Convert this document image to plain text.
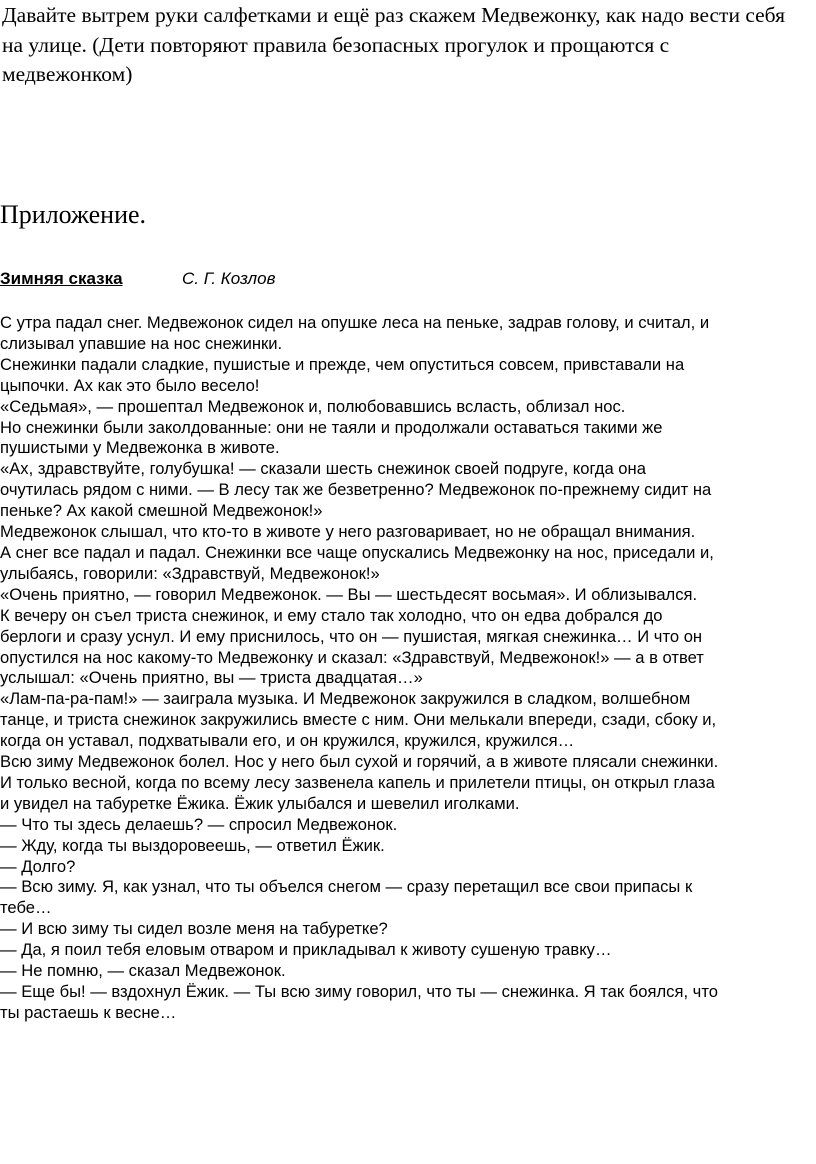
Давайте вытрем руки салфетками и ещё раз скажем Медвежонку, как надо вести себя
на улице. (Дети повторяют правила безопасных прогулок и прощаются с
медвежонком)

Приложение.
Зимняя сказка	С. Г. Козлов

С утра падал снег. Медвежонок сидел на опушке леса на пеньке, задрав голову, и считал, и

слизывал упавшие на нос снежинки.

Снежинки падали сладкие, пушистые и прежде, чем опуститься совсем, привставали на

цыпочки. Ах как это было весело!

«Седьмая», — прошептал Медвежонок и, полюбовавшись всласть, облизал нос.

Но снежинки были заколдованные: они не таяли и продолжали оставаться такими же

пушистыми у Медвежонка в животе.

«Ах, здравствуйте, голубушка! — сказали шесть снежинок своей подруге, когда она

очутилась рядом с ними. — В лесу так же безветренно? Медвежонок по-прежнему сидит на

пеньке? Ах какой смешной Медвежонок!»

Медвежонок слышал, что кто-то в животе у него разговаривает, но не обращал внимания.

А снег все падал и падал. Снежинки все чаще опускались Медвежонку на нос, приседали и,

улыбаясь, говорили: «Здравствуй, Медвежонок!»

«Очень приятно, — говорил Медвежонок. — Вы — шестьдесят восьмая». И облизывался.

К вечеру он съел триста снежинок, и ему стало так холодно, что он едва добрался до

берлоги и сразу уснул. И ему приснилось, что он — пушистая, мягкая снежинка… И что он

опустился на нос какому-то Медвежонку и сказал: «Здравствуй, Медвежонок!» — а в ответ

услышал: «Очень приятно, вы — триста двадцатая…»

«Лам-па-ра-пам!» — заиграла музыка. И Медвежонок закружился в сладком, волшебном

танце, и триста снежинок закружились вместе с ним. Они мелькали впереди, сзади, сбоку и,

когда он уставал, подхватывали его, и он кружился, кружился, кружился…

Всю зиму Медвежонок болел. Нос у него был сухой и горячий, а в животе плясали снежинки.

И только весной, когда по всему лесу зазвенела капель и прилетели птицы, он открыл глаза

и увидел на табуретке Ёжика. Ёжик улыбался и шевелил иголками.

— Что ты здесь делаешь? — спросил Медвежонок.

— Жду, когда ты выздоровеешь, — ответил Ёжик.

— Долго?

— Всю зиму. Я, как узнал, что ты объелся снегом — сразу перетащил все свои припасы к

тебе…

— И всю зиму ты сидел возле меня на табуретке?

— Да, я поил тебя еловым отваром и прикладывал к животу сушеную травку…

— Не помню, — сказал Медвежонок.

— Еще бы! — вздохнул Ёжик. — Ты всю зиму говорил, что ты — снежинка. Я так боялся, что

ты растаешь к весне…
